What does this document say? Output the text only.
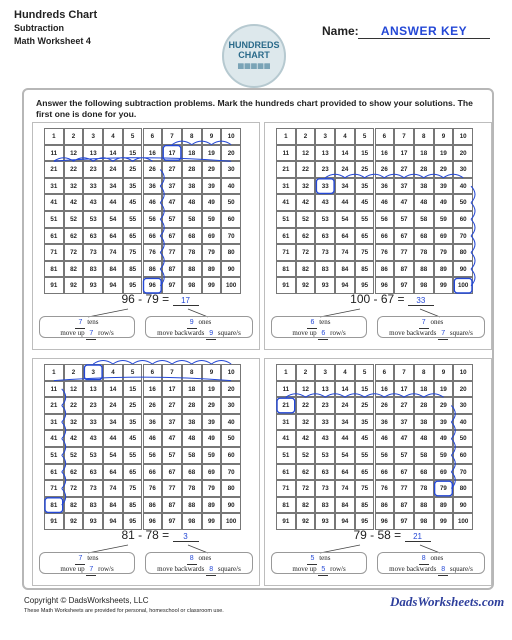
Hundreds Chart
Subtraction
Math Worksheet 4	HUNDREDS
CHART
▦▦▦▦▦
Name:	ANSWER KEY
Answer the following subtraction problems. Mark the hundreds chart provided to show your solutions. The first one is done for you.
1	2	3	4	5	6	7	8	9	10
11	12	13	14	15	16	17	18	19	20
21	22	23	24	25	26	27	28	29	30
31	32	33	34	35	36	37	38	39	40
41	42	43	44	45	46	47	48	49	50
51	52	53	54	55	56	57	58	59	60
61	62	63	64	65	66	67	68	69	70
71	72	73	74	75	76	77	78	79	80
81	82	83	84	85	86	87	88	89	90
91	92	93	94	95	96	97	98	99	100
96 - 79 = 17
7 tens
move up 7 row/s
9 ones
move backwards 9 square/s
1	2	3	4	5	6	7	8	9	10
11	12	13	14	15	16	17	18	19	20
21	22	23	24	25	26	27	28	29	30
31	32	33	34	35	36	37	38	39	40
41	42	43	44	45	46	47	48	49	50
51	52	53	54	55	56	57	58	59	60
61	62	63	64	65	66	67	68	69	70
71	72	73	74	75	76	77	78	79	80
81	82	83	84	85	86	87	88	89	90
91	92	93	94	95	96	97	98	99	100
100 - 67 = 33
6 tens
move up 6 row/s
7 ones
move backwards 7 square/s
1	2	3	4	5	6	7	8	9	10
11	12	13	14	15	16	17	18	19	20
21	22	23	24	25	26	27	28	29	30
31	32	33	34	35	36	37	38	39	40
41	42	43	44	45	46	47	48	49	50
51	52	53	54	55	56	57	58	59	60
61	62	63	64	65	66	67	68	69	70
71	72	73	74	75	76	77	78	79	80
81	82	83	84	85	86	87	88	89	90
91	92	93	94	95	96	97	98	99	100
81 - 78 = 3
7 tens
move up 7 row/s
8 ones
move backwards 8 square/s
1	2	3	4	5	6	7	8	9	10
11	12	13	14	15	16	17	18	19	20
21	22	23	24	25	26	27	28	29	30
31	32	33	34	35	36	37	38	39	40
41	42	43	44	45	46	47	48	49	50
51	52	53	54	55	56	57	58	59	60
61	62	63	64	65	66	67	68	69	70
71	72	73	74	75	76	77	78	79	80
81	82	83	84	85	86	87	88	89	90
91	92	93	94	95	96	97	98	99	100
79 - 58 = 21
5 tens
move up 5 row/s
8 ones
move backwards 8 square/s
Copyright © DadsWorksheets, LLC
These Math Worksheets are provided for personal, homeschool or classroom use.
DadsWorksheets.com
